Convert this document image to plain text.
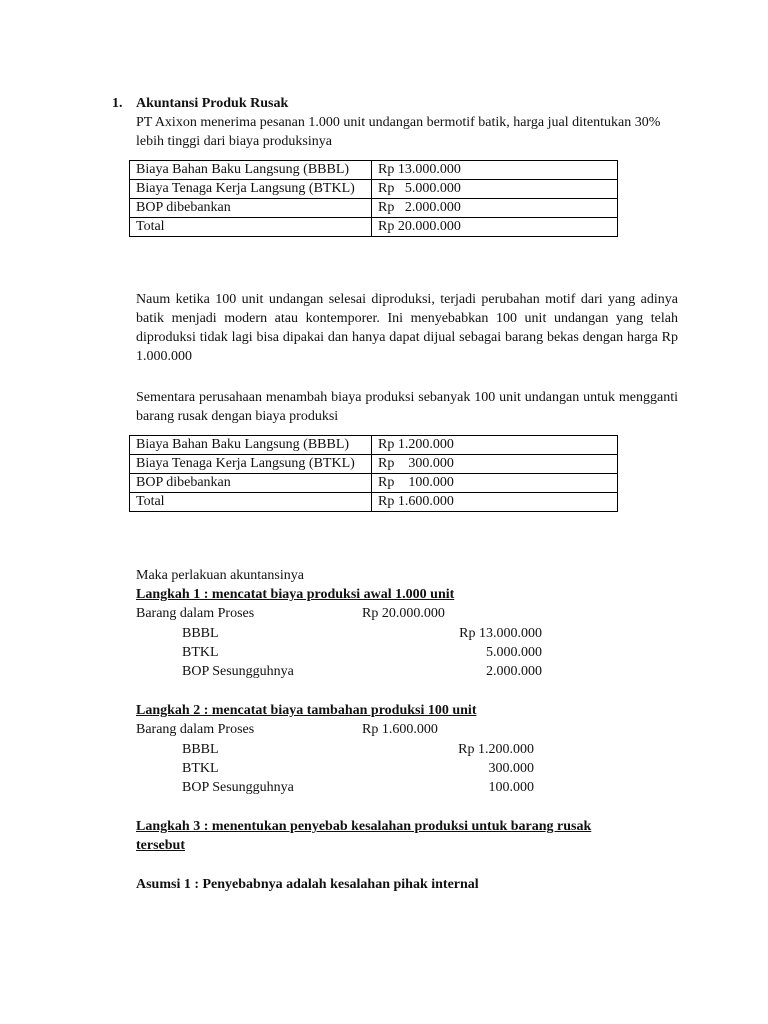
1. Akuntansi Produk Rusak
PT Axixon menerima pesanan 1.000 unit undangan bermotif batik, harga jual ditentukan 30% lebih tinggi dari biaya produksinya
Biaya Bahan Baku Langsung (BBBL)	Rp 13.000.000
Biaya Tenaga Kerja Langsung (BTKL)	Rp   5.000.000
BOP dibebankan	Rp   2.000.000
Total	Rp 20.000.000
Naum ketika 100 unit undangan selesai diproduksi, terjadi perubahan motif dari yang adinya batik menjadi modern atau kontemporer. Ini menyebabkan 100 unit undangan yang telah diproduksi tidak lagi bisa dipakai dan hanya dapat dijual sebagai barang bekas dengan harga Rp 1.000.000
Sementara perusahaan menambah biaya produksi sebanyak 100 unit undangan untuk mengganti barang rusak dengan biaya produksi
Biaya Bahan Baku Langsung (BBBL)	Rp 1.200.000
Biaya Tenaga Kerja Langsung (BTKL)	Rp    300.000
BOP dibebankan	Rp    100.000
Total	Rp 1.600.000
Maka perlakuan akuntansinya
Langkah 1 : mencatat biaya produksi awal 1.000 unit
Barang dalam Proses	Rp 20.000.000
BBBL	Rp 13.000.000
BTKL	5.000.000
BOP Sesungguhnya	2.000.000
Langkah 2 : mencatat biaya tambahan produksi 100 unit
Barang dalam Proses	Rp 1.600.000
BBBL	Rp 1.200.000
BTKL	300.000
BOP Sesungguhnya	100.000
Langkah 3 : menentukan penyebab kesalahan produksi untuk barang rusak
tersebut
Asumsi 1 : Penyebabnya adalah kesalahan pihak internal
